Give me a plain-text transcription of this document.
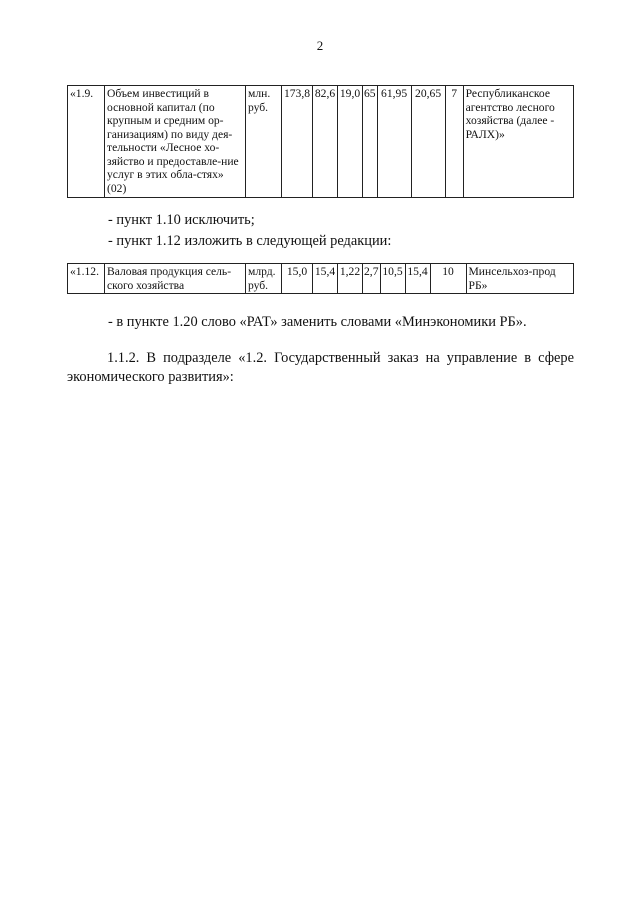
2
«1.9.	Объем инвестиций в основной капитал (по крупным и средним ор-ганизациям) по виду дея-тельности «Лесное хо-зяйство и предоставле-ние услуг в этих обла-стях» (02)	млн. руб.	173,8	82,6	19,0	65	61,95	20,65	7	Республиканское агентство лесного хозяйства (далее - РАЛХ)»

- пункт 1.10 исключить;

- пункт 1.12 изложить в следующей редакции:

«1.12.	Валовая продукция сель-ского хозяйства	млрд. руб.	15,0	15,4	1,22	2,7	10,5	15,4	10	Минсельхоз-прод РБ»

- в пункте 1.20 слово «РАТ» заменить словами «Минэкономики РБ».

1.1.2. В подразделе «1.2. Государственный заказ на управление в сфере экономического развития»:
